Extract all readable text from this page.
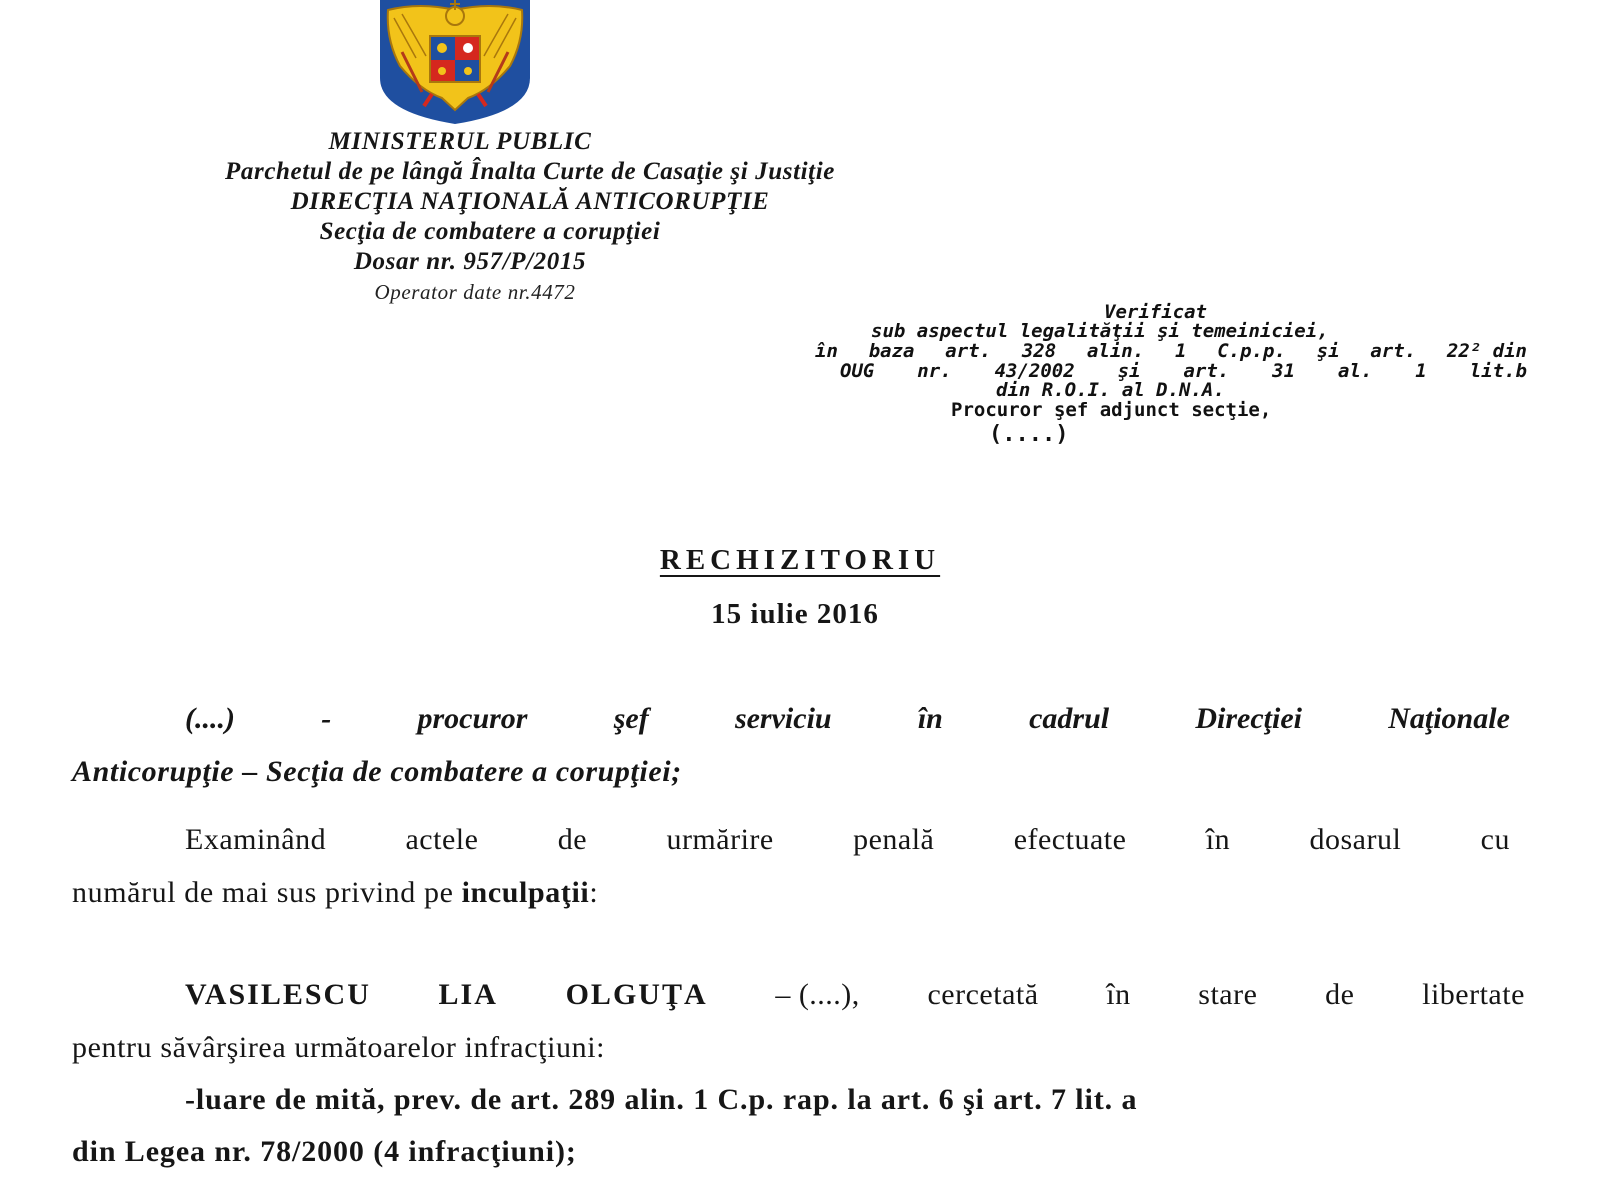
MINISTERUL PUBLIC
Parchetul de pe lângă Înalta Curte de Casaţie şi Justiţie
DIRECŢIA NAŢIONALĂ ANTICORUPŢIE
Secţia de combatere a corupţiei
Dosar nr. 957/P/2015
Operator date nr.4472
Verificat
sub aspectul legalităţii şi temeiniciei,
în baza art. 328 alin. 1 C.p.p. şi art. 22² din
OUG nr. 43/2002 şi art. 31 al. 1 lit.b
din R.O.I. al D.N.A.
Procuror şef adjunct secţie,
(....)
RECHIZITORIU
15 iulie 2016
(....)	-	procuror	şef	serviciu	în	cadrul	Direcţiei	Naţionale
Anticorupţie – Secţia de combatere a corupţiei;
Examinând	actele	de	urmărire	penală	efectuate	în	dosarul	cu
numărul de mai sus privind pe inculpaţii:
VASILESCU LIA OLGUŢA – (....), cercetată în stare de libertate
pentru săvârşirea următoarelor infracţiuni:
-luare de mită, prev. de art. 289 alin. 1 C.p. rap. la art. 6 şi art. 7 lit. a
din Legea nr. 78/2000 (4 infracţiuni);
